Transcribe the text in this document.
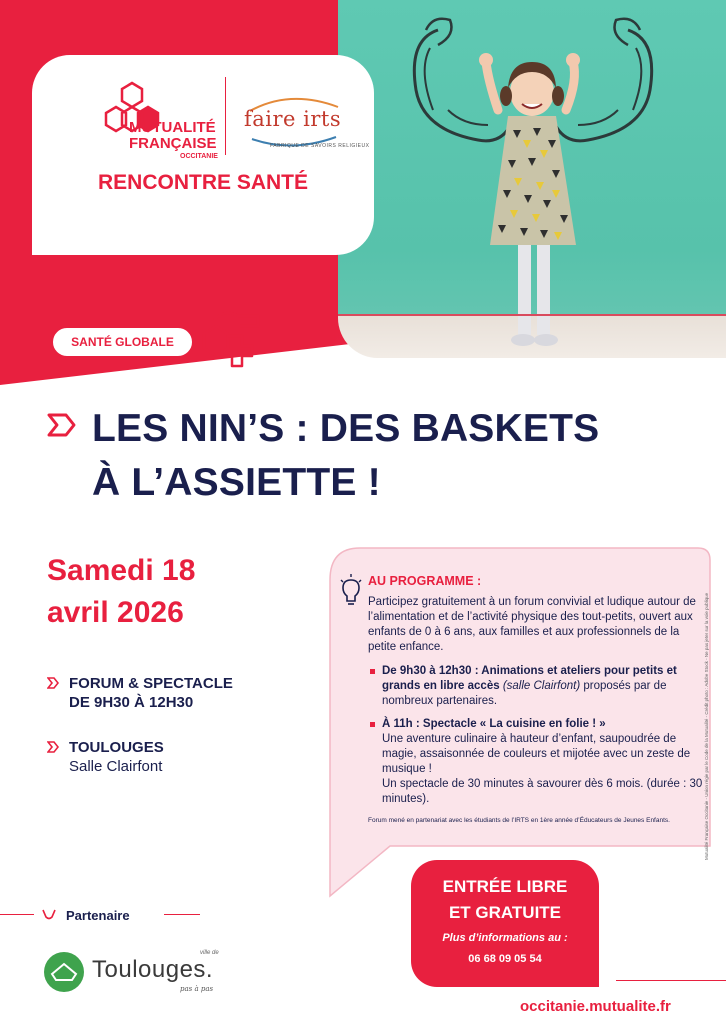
MUTUALITÉ
FRANÇAISE
OCCITANIE
faire irts
FABRIQUE DE SAVOIRS RELIGIEUX
RENCONTRE SANTÉ
SANTÉ GLOBALE
LES NIN’S : DES BASKETS
À L’ASSIETTE !
Samedi 18
avril 2026
FORUM & SPECTACLE
DE 9H30 À 12H30
TOULOUGES
Salle Clairfont
AU PROGRAMME :
Participez gratuitement à un forum convivial et ludique autour de l’alimentation et de l’activité physique des tout-petits, ouvert aux enfants de 0 à 6 ans, aux familles et aux professionnels de la petite enfance.
De 9h30 à 12h30 : Animations et ateliers pour petits et grands en libre accès (salle Clairfont) proposés par de nombreux partenaires.
À 11h : Spectacle « La cuisine en folie ! »
Une aventure culinaire à hauteur d’enfant, saupoudrée de magie, assaisonnée de couleurs et mijotée avec un zeste de musique !
Un spectacle de 30 minutes à savourer dès 6 mois. (durée : 30 minutes).
Forum mené en partenariat avec les étudiants de l’IRTS en 1ère année d’Éducateurs de Jeunes Enfants.	Mutualité Française Occitanie - Union régie par le Code de la Mutualité - Crédit photo : Adobe Stock - Ne pas jeter sur la voie publique
ENTRÉE LIBRE
ET GRATUITE
Plus d’informations au :
06 68 09 05 54
Partenaire
ville de
Toulouges.
pas à pas
occitanie.mutualite.fr
